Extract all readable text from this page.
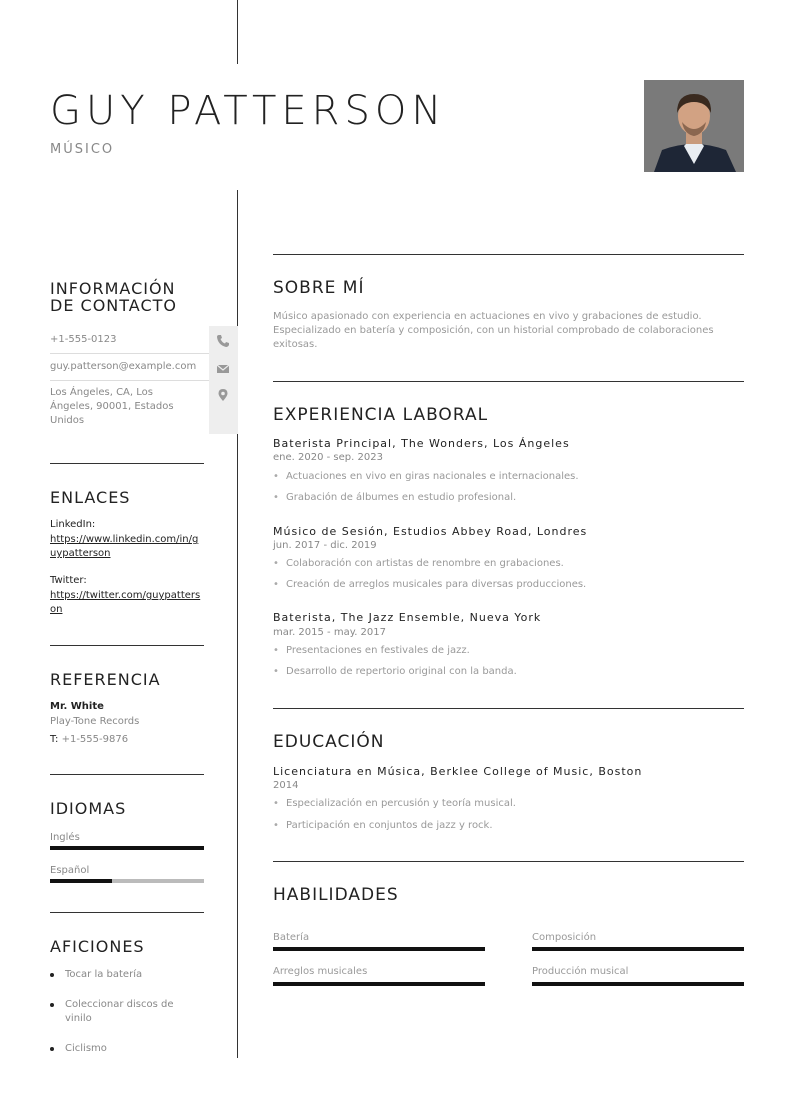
GUY PATTERSON
MÚSICO
INFORMACIÓN DE CONTACTO
+1-555-0123
guy.patterson@example.com
Los Ángeles, CA, Los Ángeles, 90001, Estados Unidos
ENLACES
LinkedIn:
https://www.linkedin.com/in/guypatterson
Twitter:
https://twitter.com/guypatterson
REFERENCIA
Mr. White
Play-Tone Records
T: +1-555-9876
IDIOMAS
Inglés
Español
AFICIONES
Tocar la batería
Coleccionar discos de vinilo
Ciclismo
SOBRE MÍ
Músico apasionado con experiencia en actuaciones en vivo y grabaciones de estudio. Especializado en batería y composición, con un historial comprobado de colaboraciones exitosas.
EXPERIENCIA LABORAL
Baterista Principal, The Wonders, Los Ángeles
ene. 2020 - sep. 2023
• Actuaciones en vivo en giras nacionales e internacionales.
• Grabación de álbumes en estudio profesional.
Músico de Sesión, Estudios Abbey Road, Londres
jun. 2017 - dic. 2019
• Colaboración con artistas de renombre en grabaciones.
• Creación de arreglos musicales para diversas producciones.
Baterista, The Jazz Ensemble, Nueva York
mar. 2015 - may. 2017
• Presentaciones en festivales de jazz.
• Desarrollo de repertorio original con la banda.
EDUCACIÓN
Licenciatura en Música, Berklee College of Music, Boston
2014
• Especialización en percusión y teoría musical.
• Participación en conjuntos de jazz y rock.
HABILIDADES
Batería	Composición
Arreglos musicales	Producción musical
